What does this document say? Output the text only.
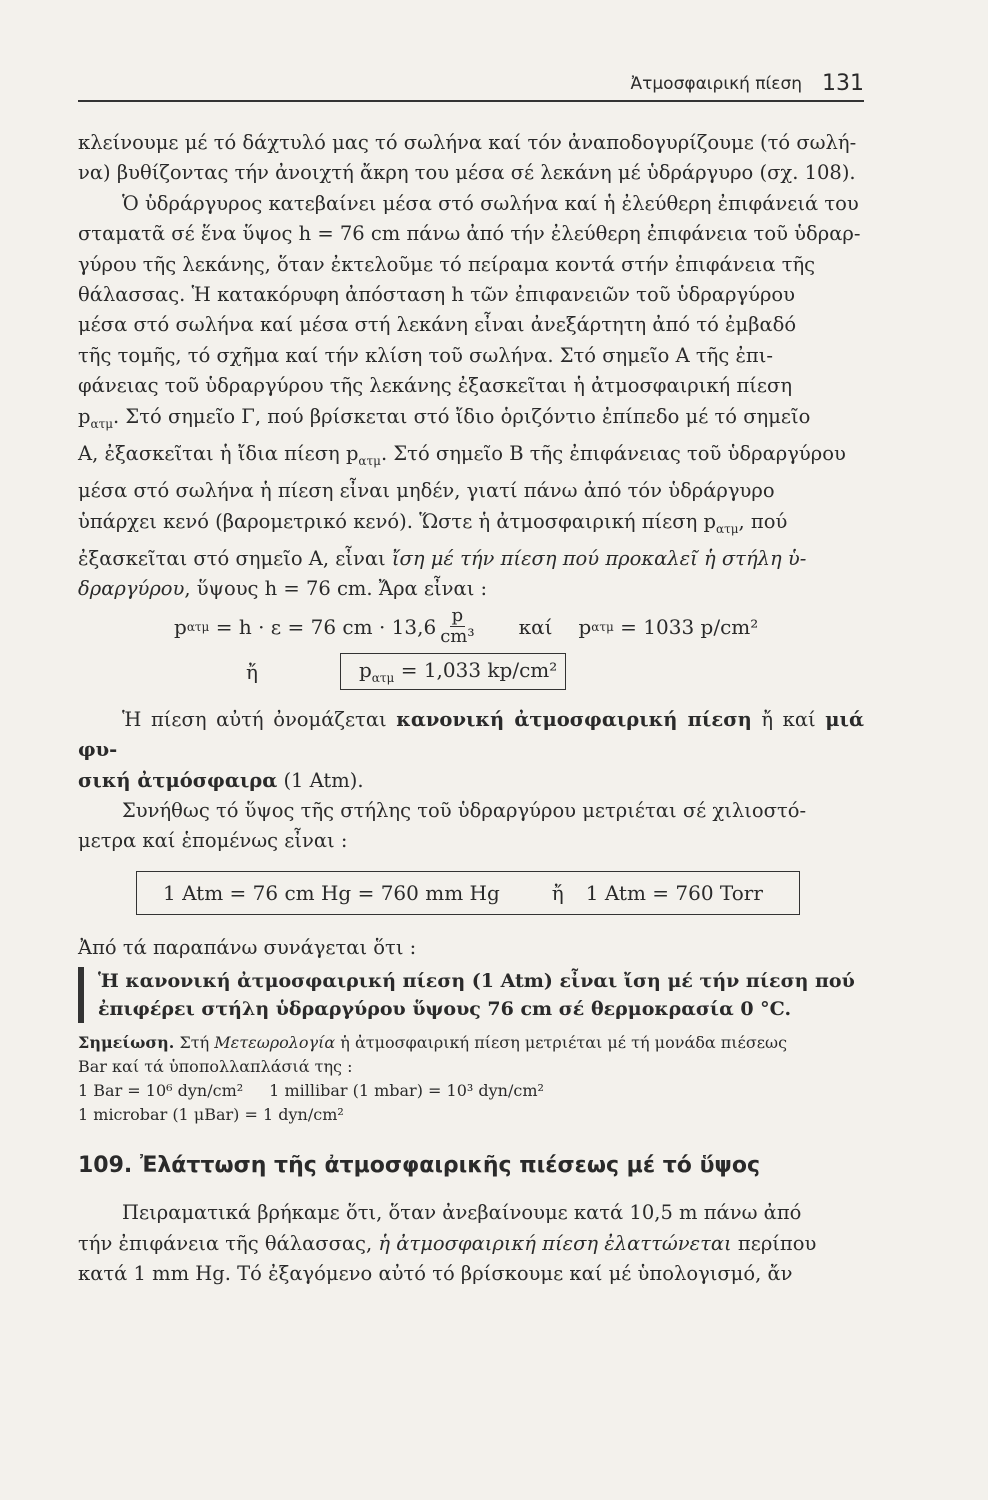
Ἀτμοσφαιρική πίεση 131

κλείνουμε μέ τό δάχτυλό μας τό σωλήνα καί τόν ἀναποδογυρίζουμε (τό σωλή-

να) βυθίζοντας τήν ἀνοιχτή ἄκρη του μέσα σέ λεκάνη μέ ὑδράργυρο (σχ. 108).

Ὁ ὑδράργυρος κατεβαίνει μέσα στό σωλήνα καί ἡ ἐλεύθερη ἐπιφάνειά του

σταματᾶ σέ ἕνα ὕψος h = 76 cm πάνω ἀπό τήν ἐλεύθερη ἐπιφάνεια τοῦ ὑδραρ-

γύρου τῆς λεκάνης, ὅταν ἐκτελοῦμε τό πείραμα κοντά στήν ἐπιφάνεια τῆς

θάλασσας. Ἡ κατακόρυφη ἀπόσταση h τῶν ἐπιφανειῶν τοῦ ὑδραργύρου

μέσα στό σωλήνα καί μέσα στή λεκάνη εἶναι ἀνεξάρτητη ἀπό τό ἐμβαδό

τῆς τομῆς, τό σχῆμα καί τήν κλίση τοῦ σωλήνα. Στό σημεῖο Α τῆς ἐπι-

φάνειας τοῦ ὑδραργύρου τῆς λεκάνης ἐξασκεῖται ἡ ἀτμοσφαιρική πίεση

$p_{\alpha\tau\mu}$. Στό σημεῖο Γ, πού βρίσκεται στό ἴδιο ὁριζόντιο ἐπίπεδο μέ τό σημεῖο

Α, ἐξασκεῖται ἡ ἴδια πίεση $p_{\alpha\tau\mu}$. Στό σημεῖο Β τῆς ἐπιφάνειας τοῦ ὑδραργύρου

μέσα στό σωλήνα ἡ πίεση εἶναι μηδέν, γιατί πάνω ἀπό τόν ὑδράργυρο

ὑπάρχει κενό (βαρομετρικό κενό). Ὥστε ἡ ἀτμοσφαιρική πίεση $p_{\alpha\tau\mu}$, πού

ἐξασκεῖται στό σημεῖο Α, εἶναι ἴση μέ τήν πίεση πού προκαλεῖ ἡ στήλη ὑ-

δραργύρου, ὕψους h = 76 cm. Ἄρα εἶναι :

p ατμ = h · ε = 76 cm · $13,6 \frac{p}{\text{cm³}}$ καί p ατμ = 1033 p/cm²
ἤ	$p_{\alpha\tau\mu} = 1,033$ kp/cm²

Ἡ πίεση αὐτή ὀνομάζεται κανονική ἀτμοσφαιρική πίεση ἤ καί μιά φυ-

σική ἀτμόσφαιρα (1 Atm).

Συνήθως τό ὕψος τῆς στήλης τοῦ ὑδραργύρου μετριέται σέ χιλιοστό-

μετρα καί ἑπομένως εἶναι :

1 Atm = 76 cm Hg = 760 mm Hg	ἤ 1 Atm = 760 Torr

Ἀπό τά παραπάνω συνάγεται ὅτι :

Ἡ κανονική ἀτμοσφαιρική πίεση (1 Atm) εἶναι ἴση μέ τήν πίεση πού
ἐπιφέρει στήλη ὑδραργύρου ὕψους 76 cm σέ θερμοκρασία 0 °C.

Σημείωση. Στή Μετεωρολογία ἡ ἀτμοσφαιρική πίεση μετριέται μέ τή μονάδα πιέσεως

Bar καί τά ὑποπολλαπλάσιά της :

1 Bar = 10⁶ dyn/cm² 1 millibar (1 mbar) = 10³ dyn/cm²

1 microbar (1 μBar) = 1 dyn/cm²

109. Ἐλάττωση τῆς ἀτμοσφαιρικῆς πιέσεως μέ τό ὕψος

Πειραματικά βρήκαμε ὅτι, ὅταν ἀνεβαίνουμε κατά 10,5 m πάνω ἀπό

τήν ἐπιφάνεια τῆς θάλασσας, ἡ ἀτμοσφαιρική πίεση ἐλαττώνεται περίπου

κατά 1 mm Hg. Τό ἐξαγόμενο αὐτό τό βρίσκουμε καί μέ ὑπολογισμό, ἄν
